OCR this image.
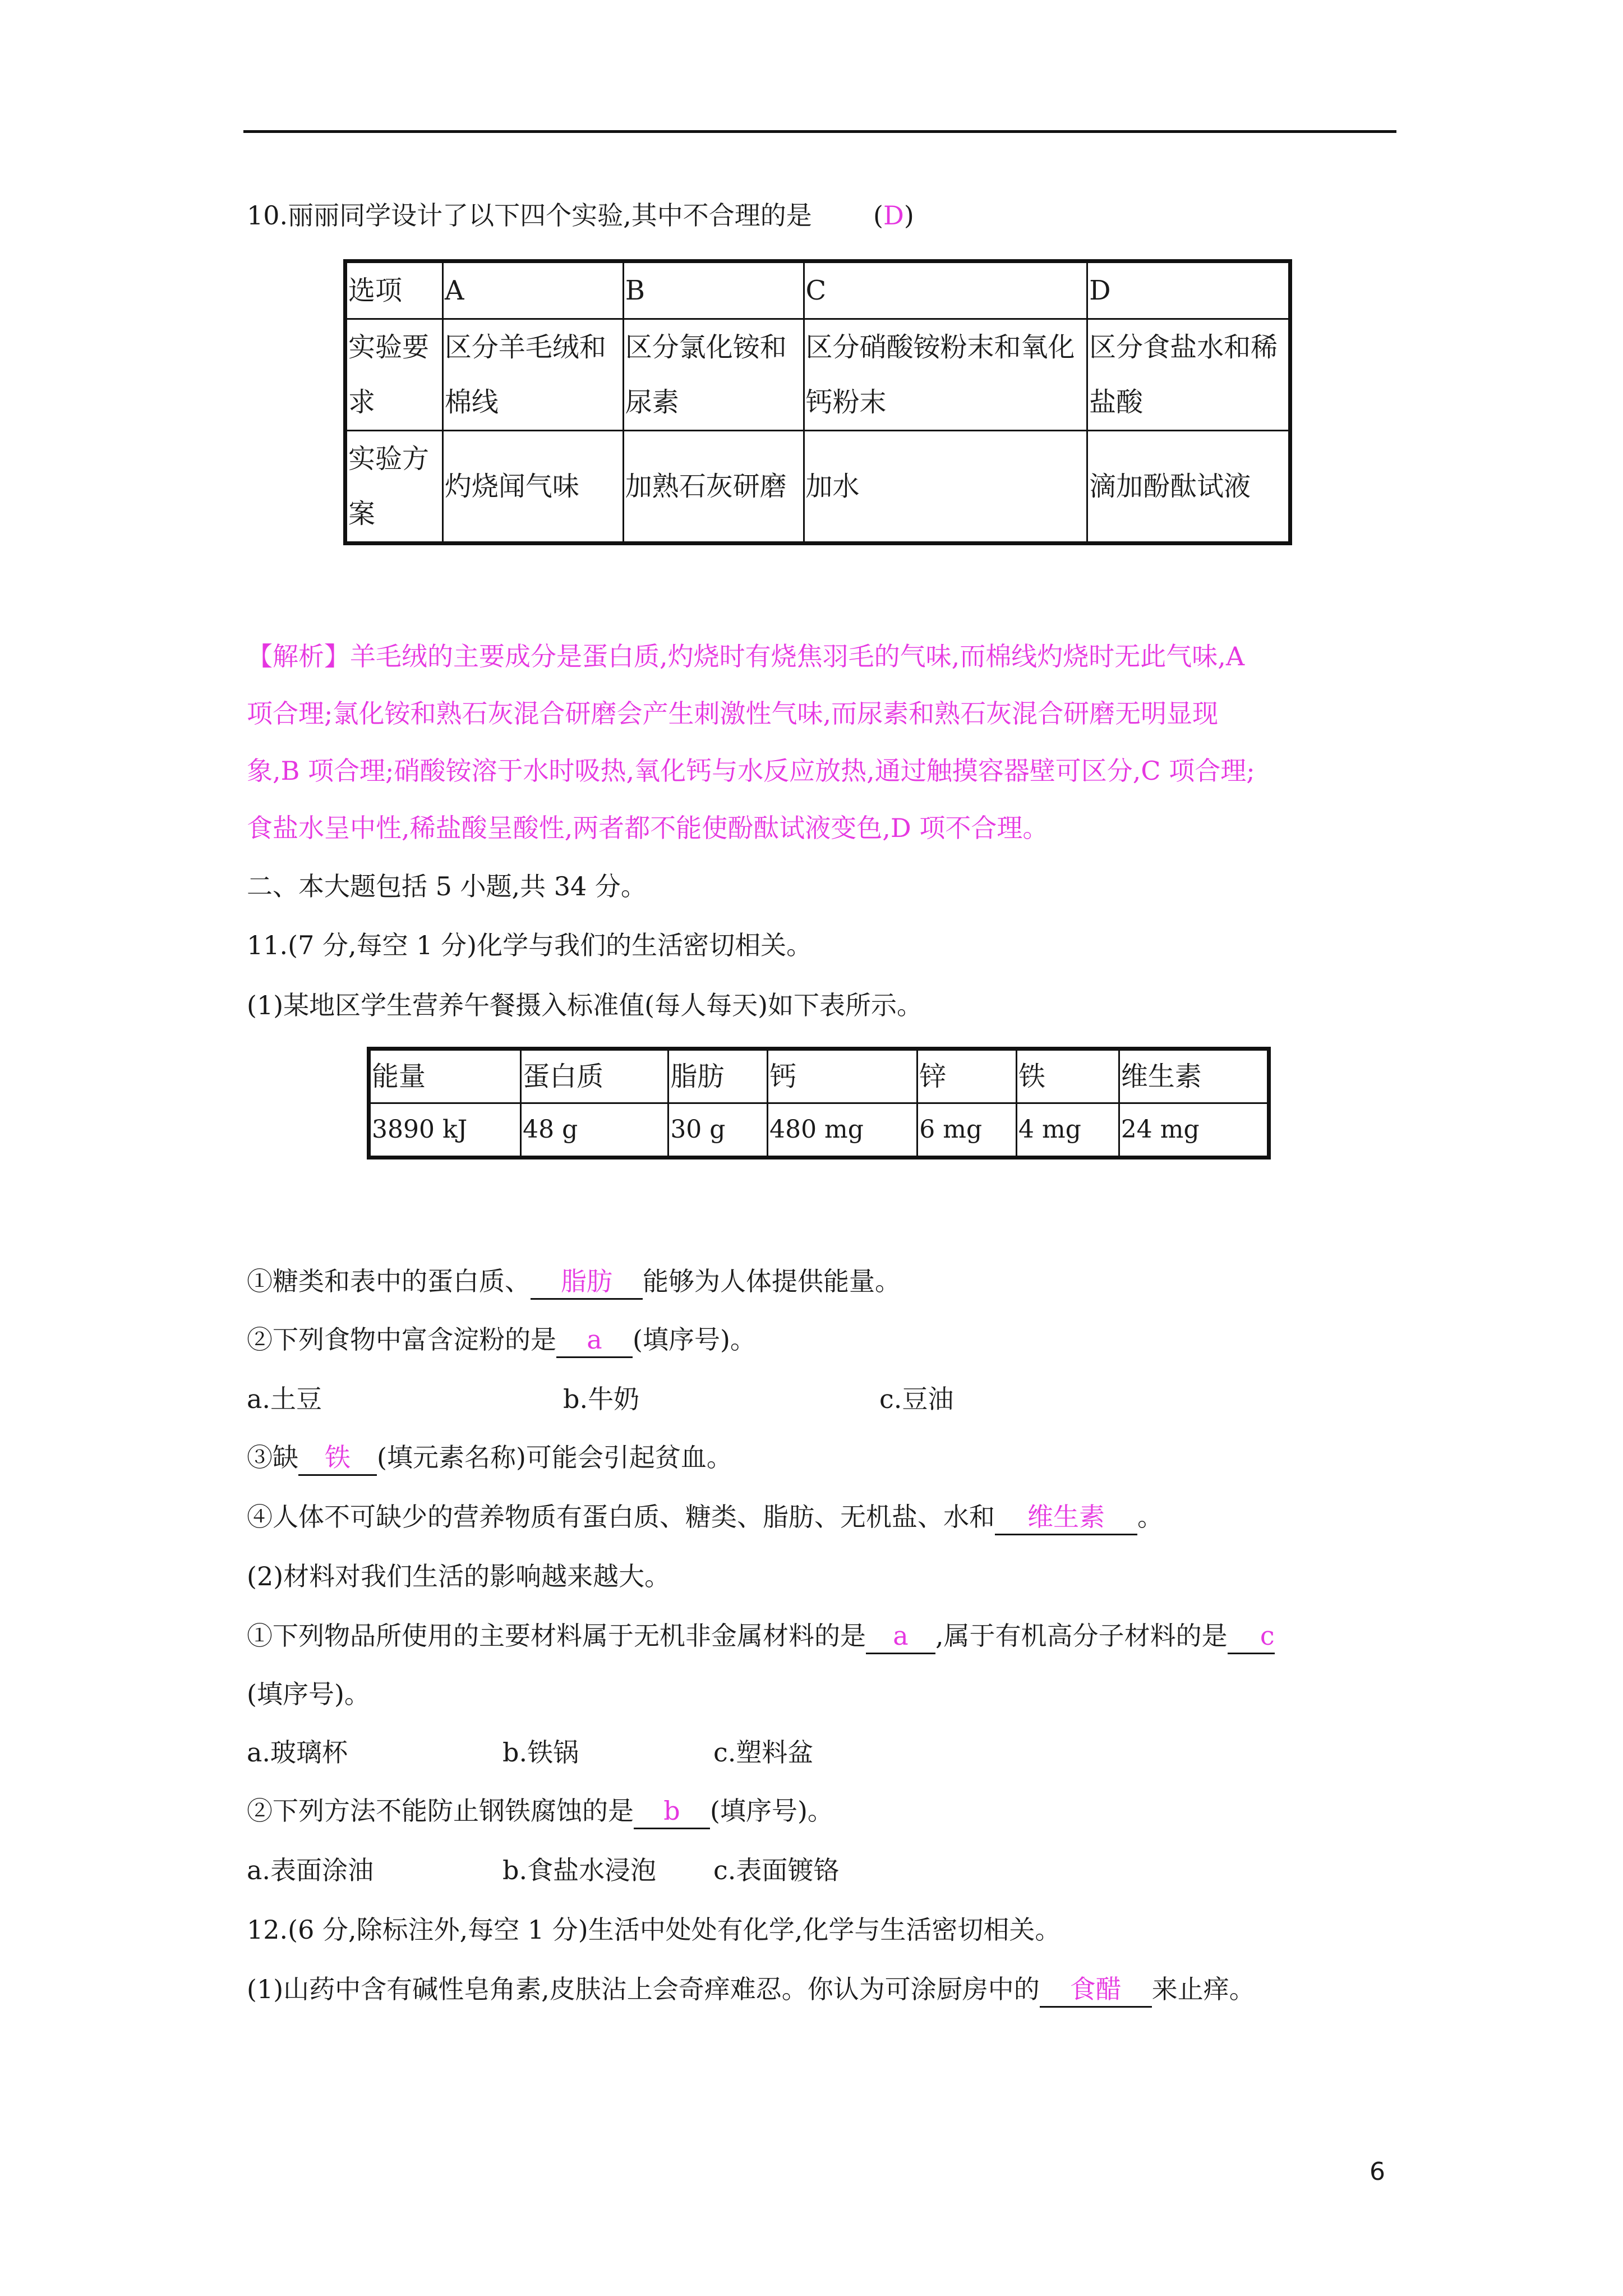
10.丽丽同学设计了以下四个实验,其中不合理的是 (D)
选项	A	B	C	D
实验要求	区分羊毛绒和棉线	区分氯化铵和尿素	区分硝酸铵粉末和氧化钙粉末	区分食盐水和稀盐酸
实验方案	灼烧闻气味	加熟石灰研磨	加水	滴加酚酞试液
【解析】羊毛绒的主要成分是蛋白质,灼烧时有烧焦羽毛的气味,而棉线灼烧时无此气味,A
项合理;氯化铵和熟石灰混合研磨会产生刺激性气味,而尿素和熟石灰混合研磨无明显现
象,B 项合理;硝酸铵溶于水时吸热,氧化钙与水反应放热,通过触摸容器壁可区分,C 项合理;
食盐水呈中性,稀盐酸呈酸性,两者都不能使酚酞试液变色,D 项不合理。
二、本大题包括 5 小题,共 34 分。
11.(7 分,每空 1 分)化学与我们的生活密切相关。
(1)某地区学生营养午餐摄入标准值(每人每天)如下表所示。
能量	蛋白质	脂肪	钙	锌	铁	维生素
3890 kJ	48 g	30 g	480 mg	6 mg	4 mg	24 mg
①糖类和表中的蛋白质、 脂肪 能够为人体提供能量。
②下列食物中富含淀粉的是 a (填序号)。
a.土豆	b.牛奶	c.豆油
③缺 铁 (填元素名称)可能会引起贫血。
④人体不可缺少的营养物质有蛋白质、糖类、脂肪、无机盐、水和 维生素 。
(2)材料对我们生活的影响越来越大。
①下列物品所使用的主要材料属于无机非金属材料的是 a ,属于有机高分子材料的是 c
(填序号)。
a.玻璃杯	b.铁锅	c.塑料盆
②下列方法不能防止钢铁腐蚀的是 b (填序号)。
a.表面涂油	b.食盐水浸泡 c.表面镀铬
12.(6 分,除标注外,每空 1 分)生活中处处有化学,化学与生活密切相关。
(1)山药中含有碱性皂角素,皮肤沾上会奇痒难忍。你认为可涂厨房中的 食醋 来止痒。
6
